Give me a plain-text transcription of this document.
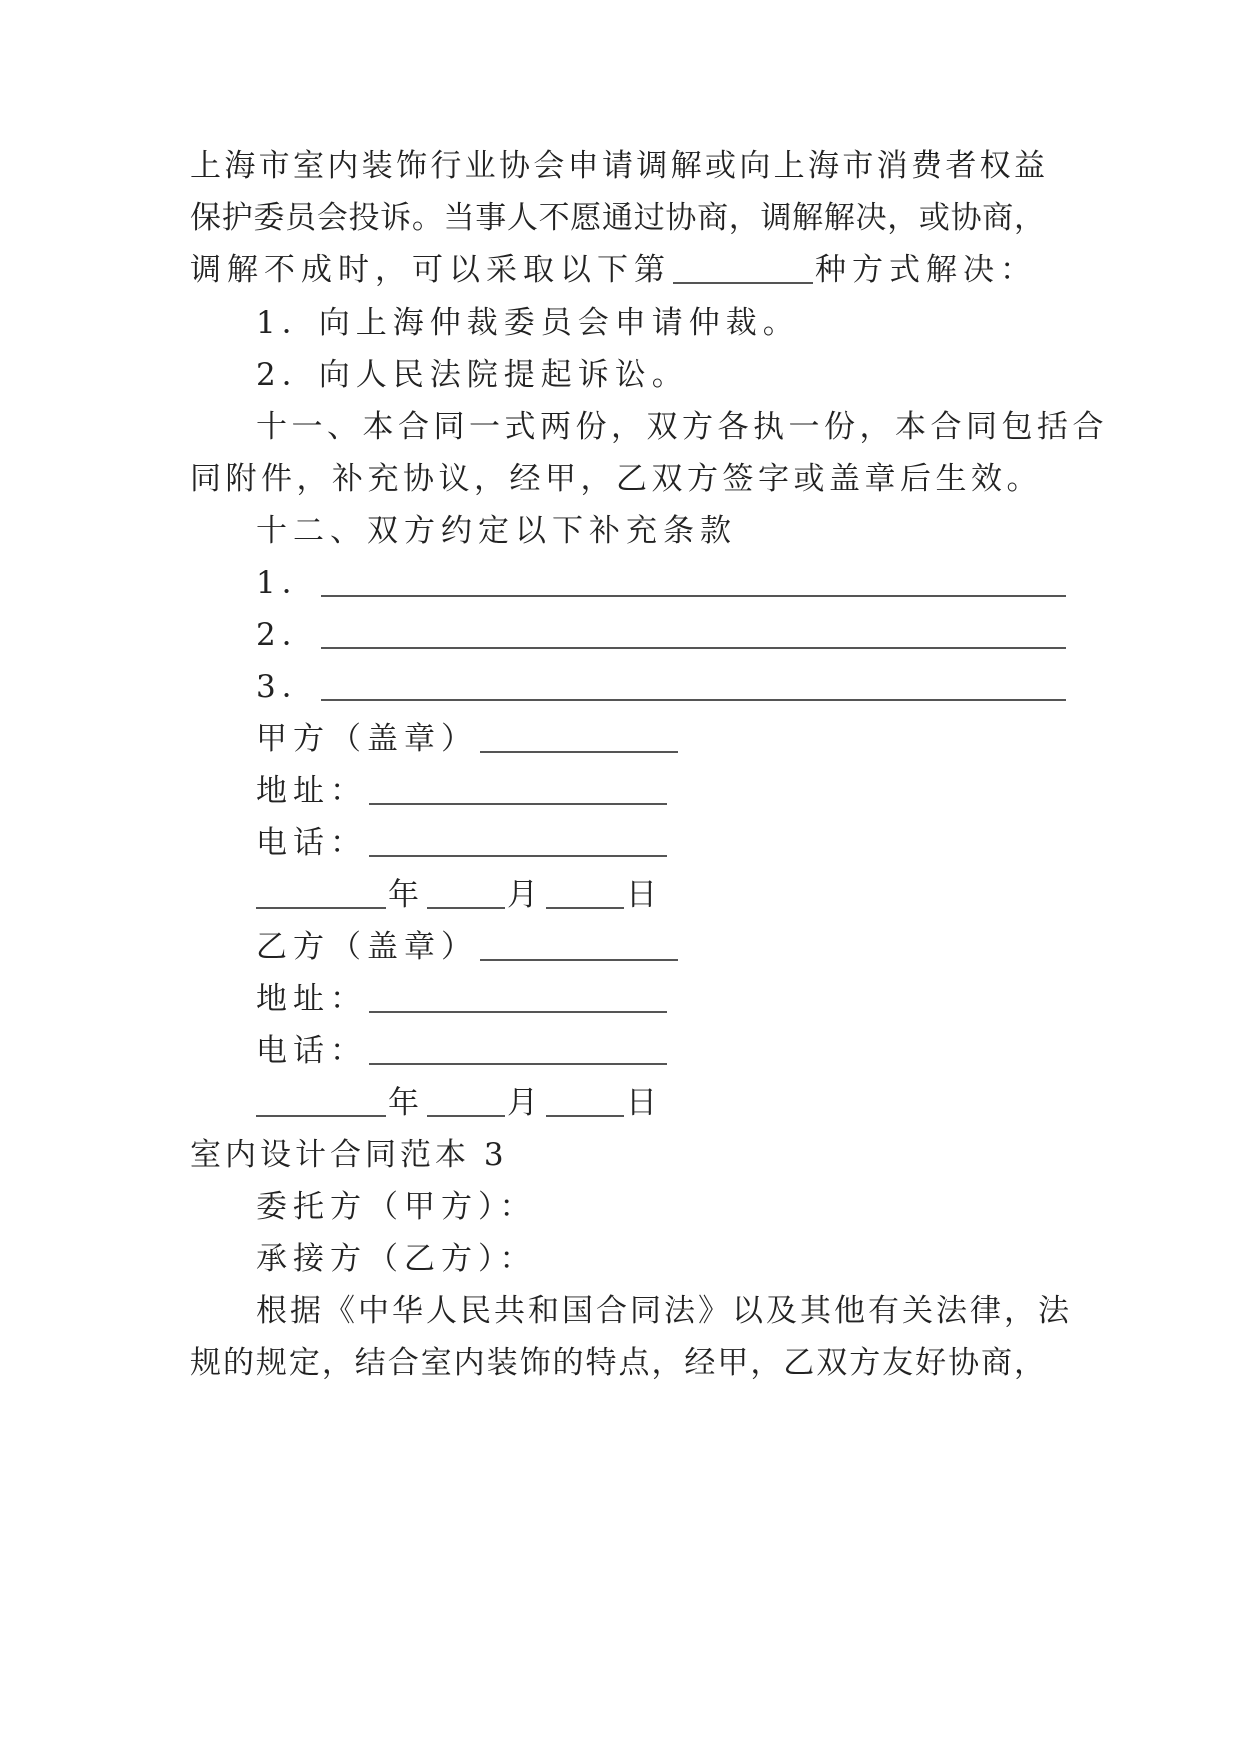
上海市室内装饰行业协会申请调解或向上海市消费者权益
保护委员会投诉。当事人不愿通过协商，调解解决，或协商，
调解不成时，可以采取以下第	种方式解决：
1．向上海仲裁委员会申请仲裁。
2．向人民法院提起诉讼。
十一、本合同一式两份，双方各执一份，本合同包括合
同附件，补充协议，经甲，乙双方签字或盖章后生效。
十二、双方约定以下补充条款
1．
2．
3．
甲方（盖章）
地址：
电话：
年	月	日
乙方（盖章）
地址：
电话：
年	月	日
室内设计合同范本 3
委托方（甲方）：
承接方（乙方）：
根据《中华人民共和国合同法》以及其他有关法律，法
规的规定，结合室内装饰的特点，经甲，乙双方友好协商，
